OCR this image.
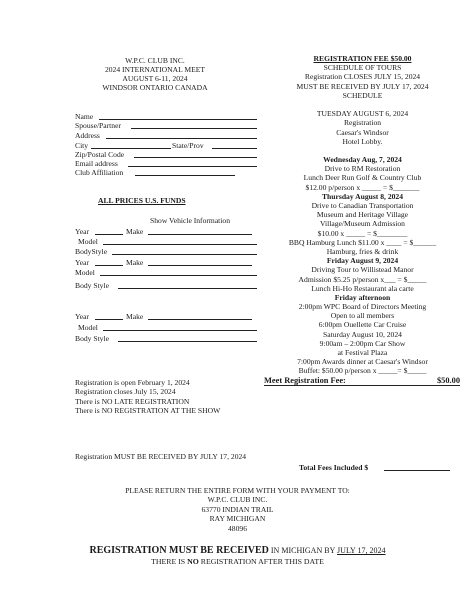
W.P.C. CLUB INC.
2024 INTERNATIONAL MEET
AUGUST 6-11, 2024
WINDSOR ONTARIO CANADA
Name
Spouse/Partner
Address
City	State/Prov
Zip/Postal Code
Email address
Club Affiliation
ALL PRICES U.S. FUNDS
Show Vehicle Information
Year	Make
Model
BodyStyle
Year	Make
Model
Body Style
Year	Make
Model
Body Style
Registration is open February 1, 2024
Registration closes July 15, 2024
There is NO LATE REGISTRATION
There is NO REGISTRATION AT THE SHOW
REGISTRATION FEE $50.00
SCHEDULE OF TOURS
Registration CLOSES JULY 15, 2024
MUST BE RECEIVED BY JULY 17, 2024
SCHEDULE
TUESDAY AUGUST 6, 2024
Registration
Caesar's Windsor
Hotel Lobby.
Wednesday Aug, 7, 2024
Drive to RM Restoration
Lunch Deer Run Golf & Country Club
$12.00 p/person x _____ = $_______
Thursday August 8, 2024
Drive to Canadian Transportation
Museum and Heritage Village
Village/Museum Admission
$10.00 x _____ = $________
BBQ Hamburg Lunch $11.00 x ____ = $______
Hamburg, fries & drink
Friday August 9, 2024
Driving Tour to Willistead Manor
Admission $5.25 p/person x___ = $_____
Lunch Hi-Ho Restaurant ala carte
Friday afternoon
2:00pm WPC Board of Directors Meeting
Open to all members
6:00pm Ouellette Car Cruise
Saturday August 10, 2024
9:00am – 2:00pm Car Show
at Festival Plaza
7:00pm Awards dinner at Caesar's Windsor
Buffet: $50.00 p/person x _____= $_____
Meet Registration Fee:	$50.00
Registration MUST BE RECEIVED BY JULY 17, 2024
Total Fees Included $
PLEASE RETURN THE ENTIRE FORM WITH YOUR PAYMENT TO:
W.P.C. CLUB INC.
63770 INDIAN TRAIL
RAY MICHIGAN
48096
REGISTRATION MUST BE RECEIVED IN MICHIGAN BY JULY 17, 2024
THERE IS NO REGISTRATION AFTER THIS DATE
